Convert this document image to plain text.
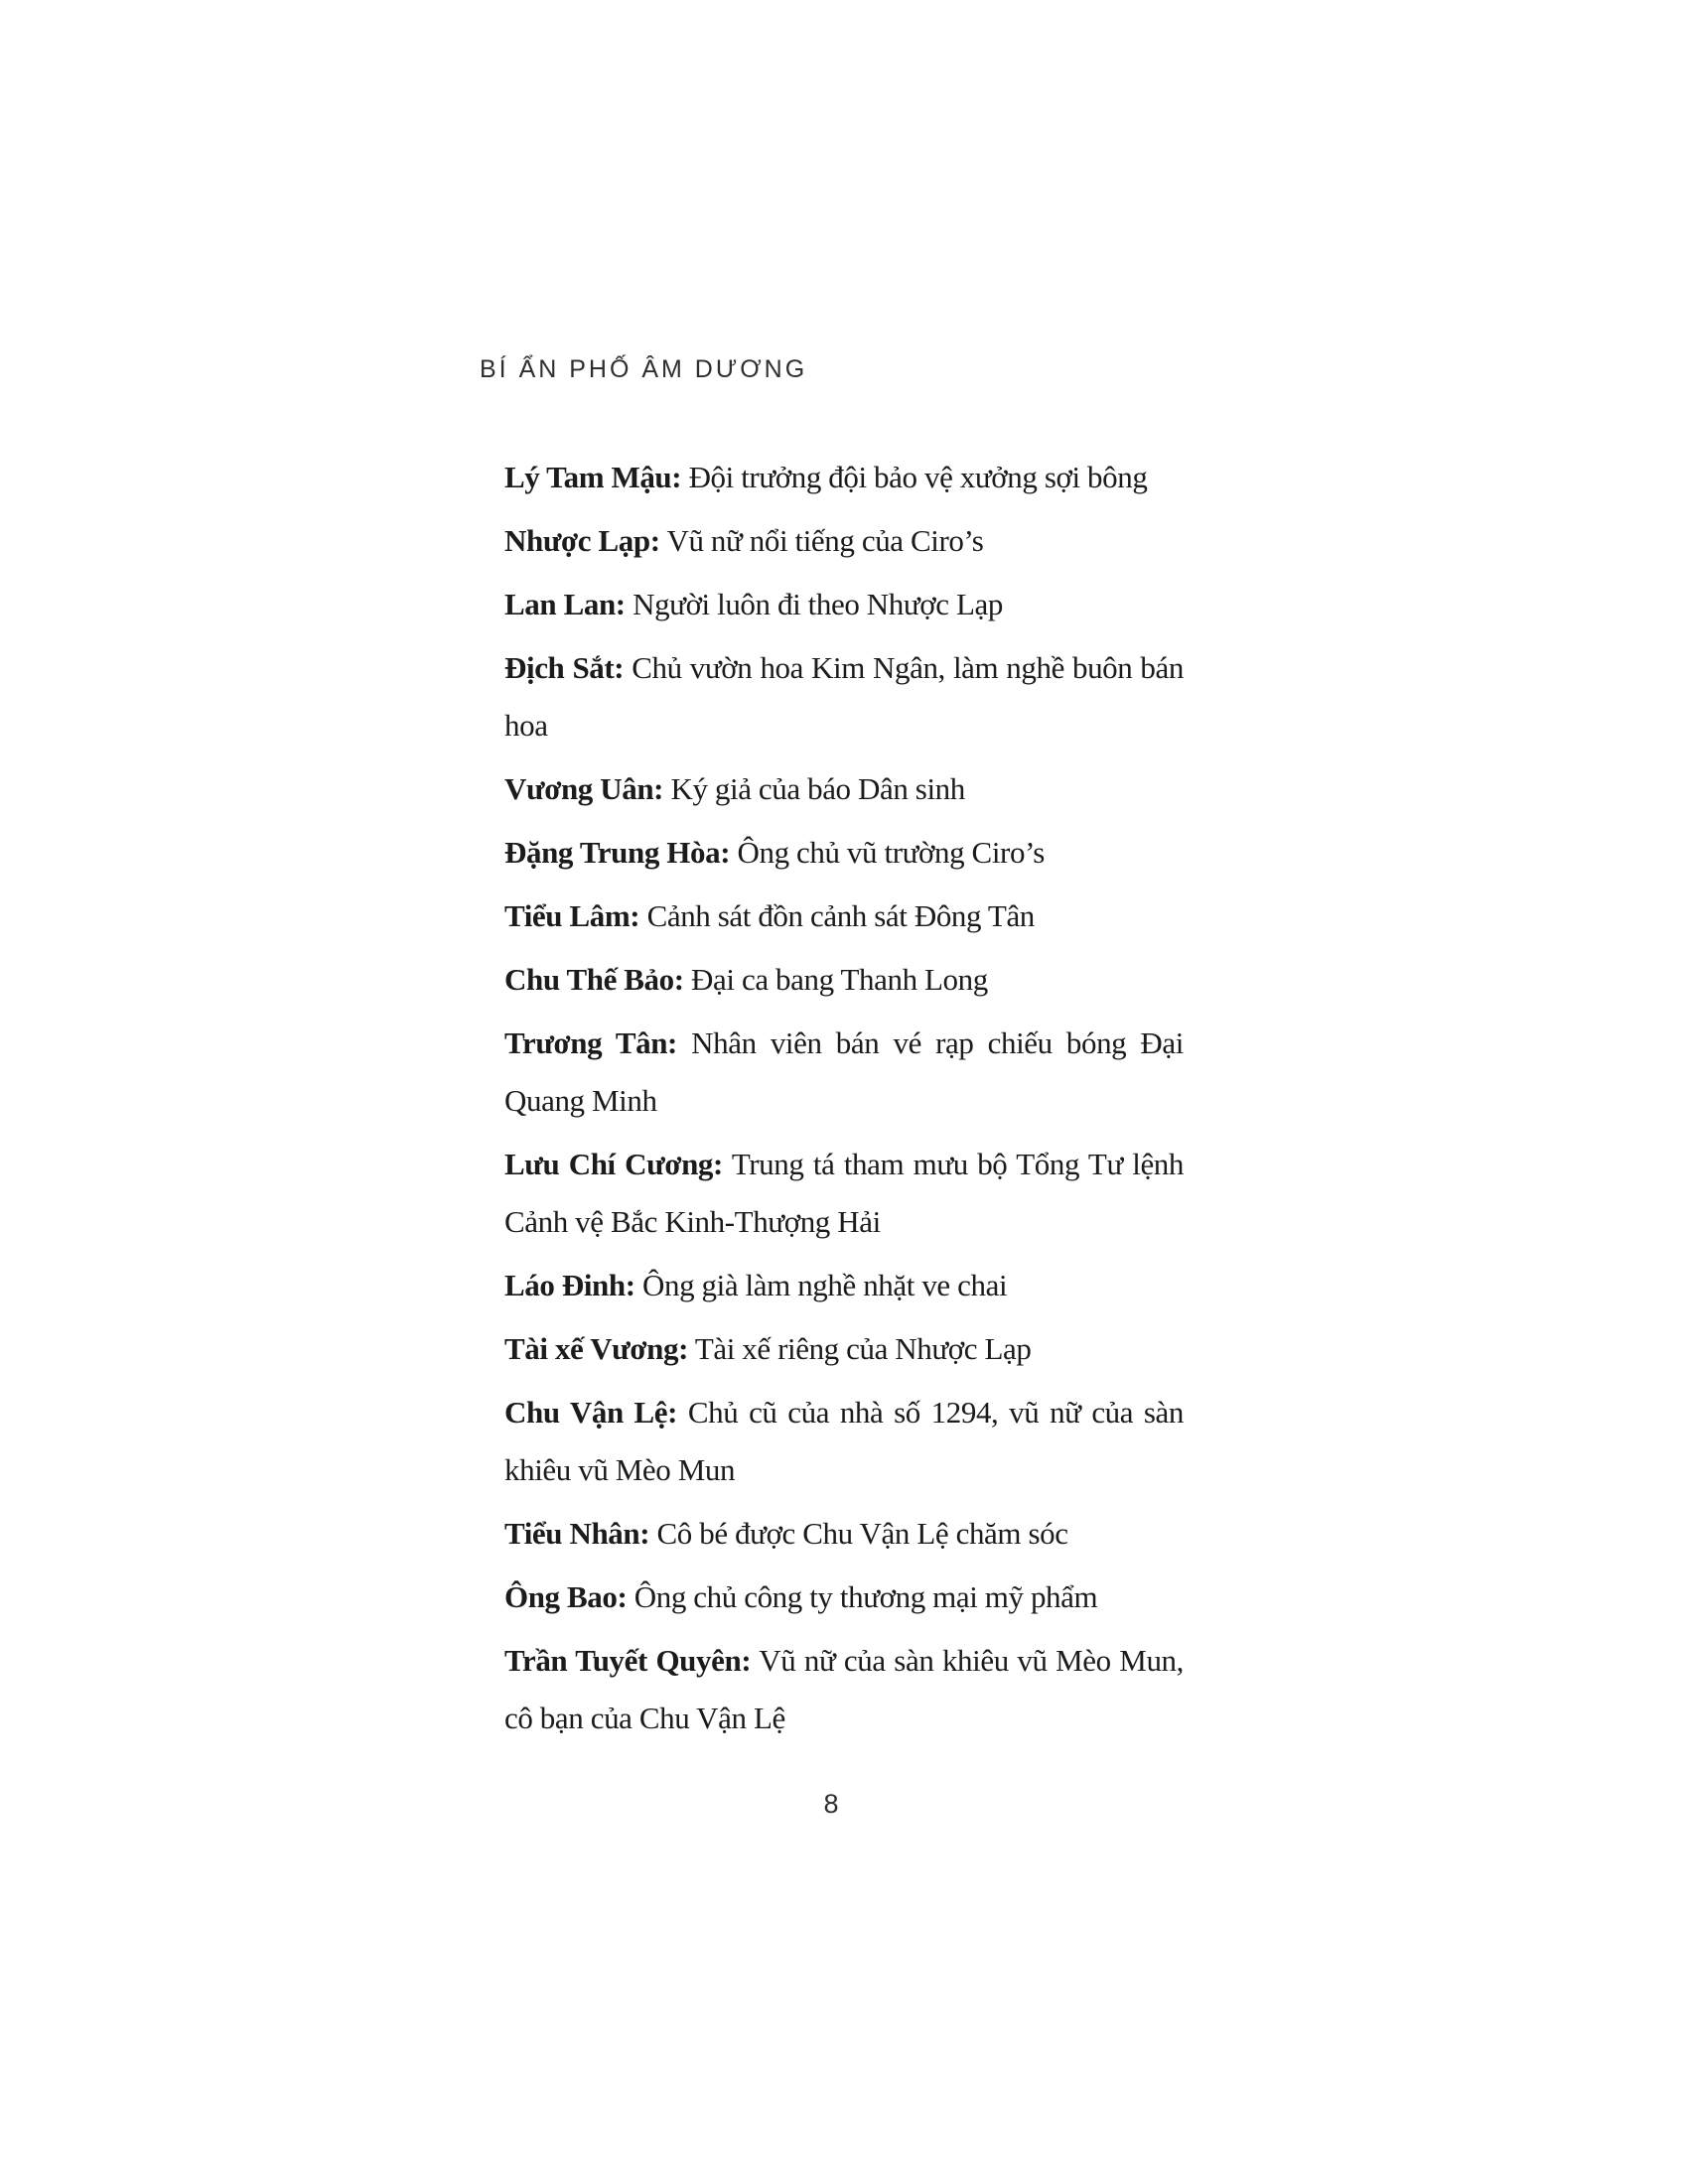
BÍ ẨN PHỐ ÂM DƯƠNG

Lý Tam Mậu: Đội trưởng đội bảo vệ xưởng sợi bông

Nhược Lạp: Vũ nữ nổi tiếng của Ciro’s

Lan Lan: Người luôn đi theo Nhược Lạp

Địch Sắt: Chủ vườn hoa Kim Ngân, làm nghề buôn bán hoa

Vương Uân: Ký giả của báo Dân sinh

Đặng Trung Hòa: Ông chủ vũ trường Ciro’s

Tiểu Lâm: Cảnh sát đồn cảnh sát Đông Tân

Chu Thế Bảo: Đại ca bang Thanh Long

Trương Tân: Nhân viên bán vé rạp chiếu bóng Đại Quang Minh

Lưu Chí Cương: Trung tá tham mưu bộ Tổng Tư lệnh Cảnh vệ Bắc Kinh-Thượng Hải

Láo Đinh: Ông già làm nghề nhặt ve chai

Tài xế Vương: Tài xế riêng của Nhược Lạp

Chu Vận Lệ: Chủ cũ của nhà số 1294, vũ nữ của sàn khiêu vũ Mèo Mun

Tiểu Nhân: Cô bé được Chu Vận Lệ chăm sóc

Ông Bao: Ông chủ công ty thương mại mỹ phẩm

Trần Tuyết Quyên: Vũ nữ của sàn khiêu vũ Mèo Mun, cô bạn của Chu Vận Lệ

8
